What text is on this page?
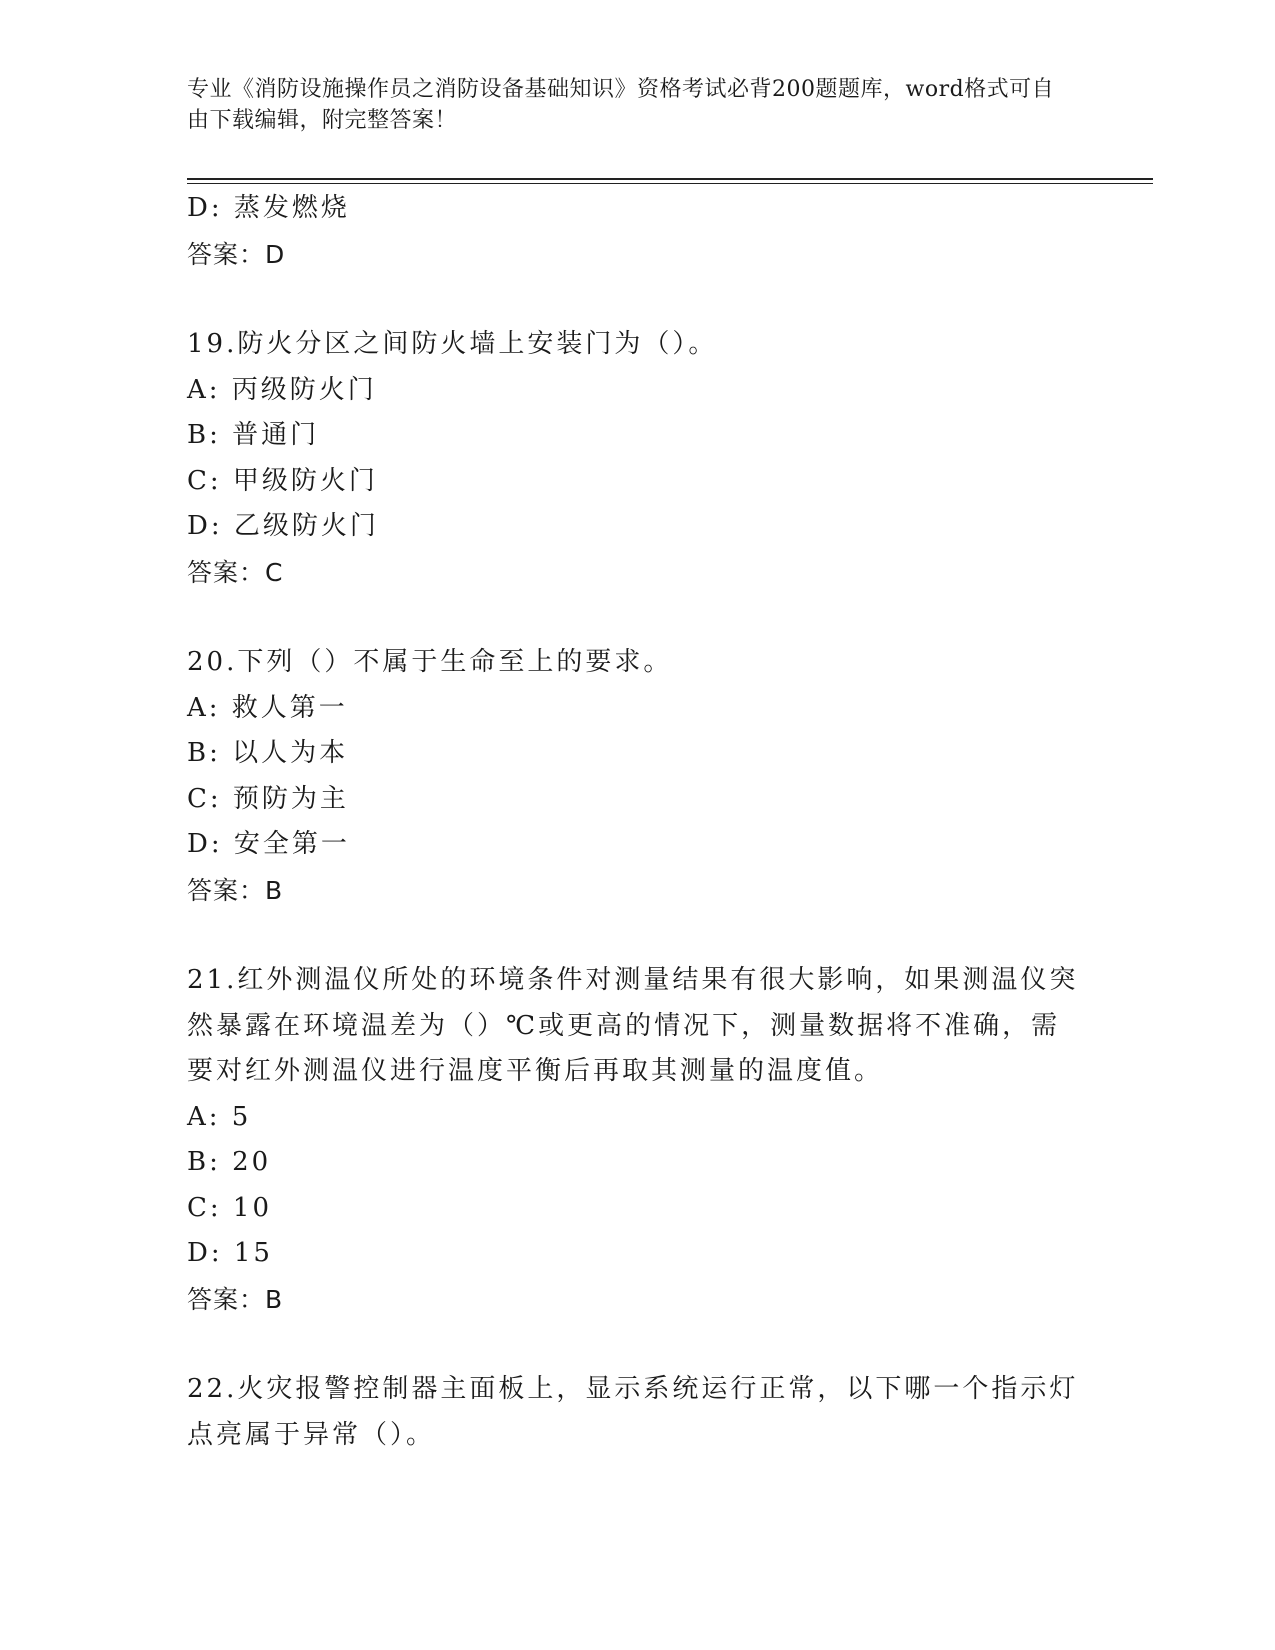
专业《消防设施操作员之消防设备基础知识》资格考试必背200题题库，word格式可自由下载编辑，附完整答案！
D: 蒸发燃烧
答案：D
19.防火分区之间防火墙上安装门为（）。
A: 丙级防火门
B: 普通门
C: 甲级防火门
D: 乙级防火门
答案：C
20.下列（）不属于生命至上的要求。
A: 救人第一
B: 以人为本
C: 预防为主
D: 安全第一
答案：B
21.红外测温仪所处的环境条件对测量结果有很大影响，如果测温仪突
然暴露在环境温差为（）℃或更高的情况下，测量数据将不准确，需
要对红外测温仪进行温度平衡后再取其测量的温度值。
A: 5
B: 20
C: 10
D: 15
答案：B
22.火灾报警控制器主面板上，显示系统运行正常，以下哪一个指示灯
点亮属于异常（）。
